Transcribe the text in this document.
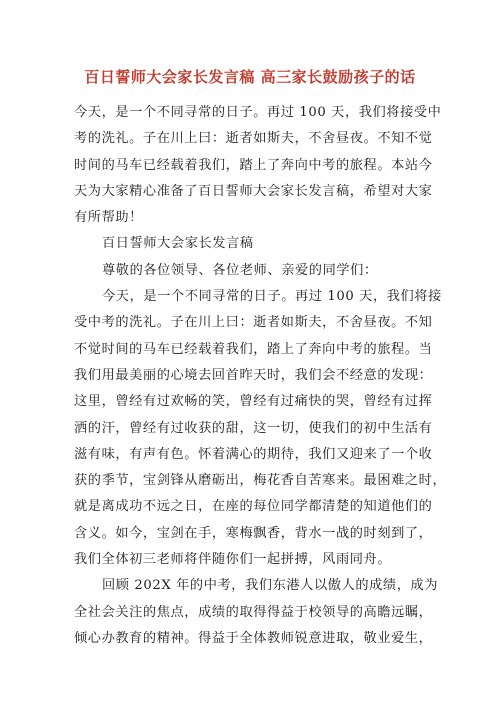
百日誓师大会家长发言稿 高三家长鼓励孩子的话
今天，是一个不同寻常的日子。再过 100 天，我们将接受中
考的洗礼。子在川上曰：逝者如斯夫，不舍昼夜。不知不觉
时间的马车已经载着我们，踏上了奔向中考的旅程。本站今
天为大家精心准备了百日誓师大会家长发言稿，希望对大家
有所帮助！
百日誓师大会家长发言稿
尊敬的各位领导、各位老师、亲爱的同学们：
今天，是一个不同寻常的日子。再过 100 天，我们将接
受中考的洗礼。子在川上曰：逝者如斯夫，不舍昼夜。不知
不觉时间的马车已经载着我们，踏上了奔向中考的旅程。当
我们用最美丽的心境去回首昨天时，我们会不经意的发现：
这里，曾经有过欢畅的笑，曾经有过痛快的哭，曾经有过挥
洒的汗，曾经有过收获的甜，这一切，使我们的初中生活有
滋有味，有声有色。怀着满心的期待，我们又迎来了一个收
获的季节，宝剑锋从磨砺出，梅花香自苦寒来。最困难之时，
就是离成功不远之日，在座的每位同学都清楚的知道他们的
含义。如今，宝剑在手，寒梅飘香，背水一战的时刻到了，
我们全体初三老师将伴随你们一起拼搏，风雨同舟。
回顾 202X 年的中考，我们东港人以傲人的成绩，成为
全社会关注的焦点，成绩的取得得益于校领导的高瞻远瞩，
倾心办教育的精神。得益于全体教师锐意进取，敬业爱生，
